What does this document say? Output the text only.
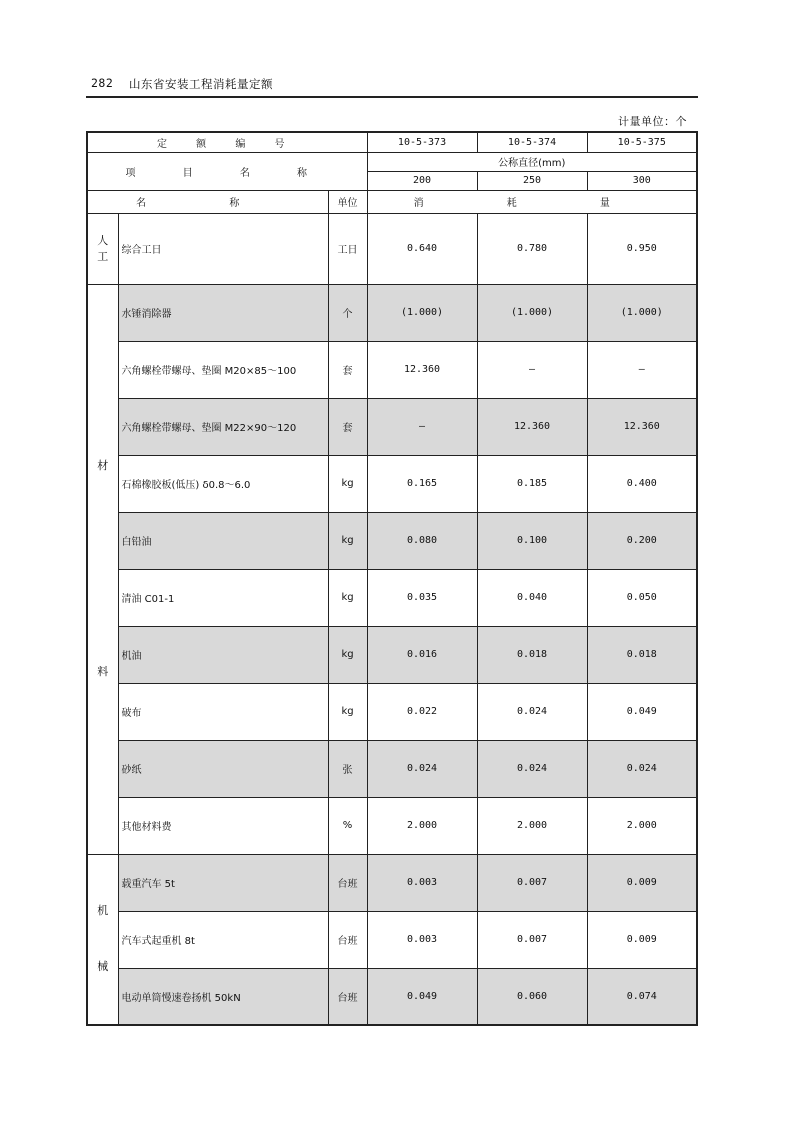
282 山东省安装工程消耗量定额
计量单位：个
定 额 编 号			10-5-373	10-5-374	10-5-375
项 目 名 称			公称直径(mm)		
			200	250	300
名 称		单位	消 耗 量		

人
工	综合工日	工日	0.640	0.780	0.950

材
料	水锤消除器	个	(1.000)	(1.000)	(1.000)
	六角螺栓带螺母、垫圈 M20×85～100	套	12.360	—	—
	六角螺栓带螺母、垫圈 M22×90～120	套	—	12.360	12.360
	石棉橡胶板(低压) δ0.8～6.0	kg	0.165	0.185	0.400
	白铅油	kg	0.080	0.100	0.200
	清油 C01-1	kg	0.035	0.040	0.050
	机油	kg	0.016	0.018	0.018
	破布	kg	0.022	0.024	0.049
	砂纸	张	0.024	0.024	0.024
	其他材料费	%	2.000	2.000	2.000

机
械	载重汽车 5t	台班	0.003	0.007	0.009
	汽车式起重机 8t	台班	0.003	0.007	0.009
	电动单筒慢速卷扬机 50kN	台班	0.049	0.060	0.074
